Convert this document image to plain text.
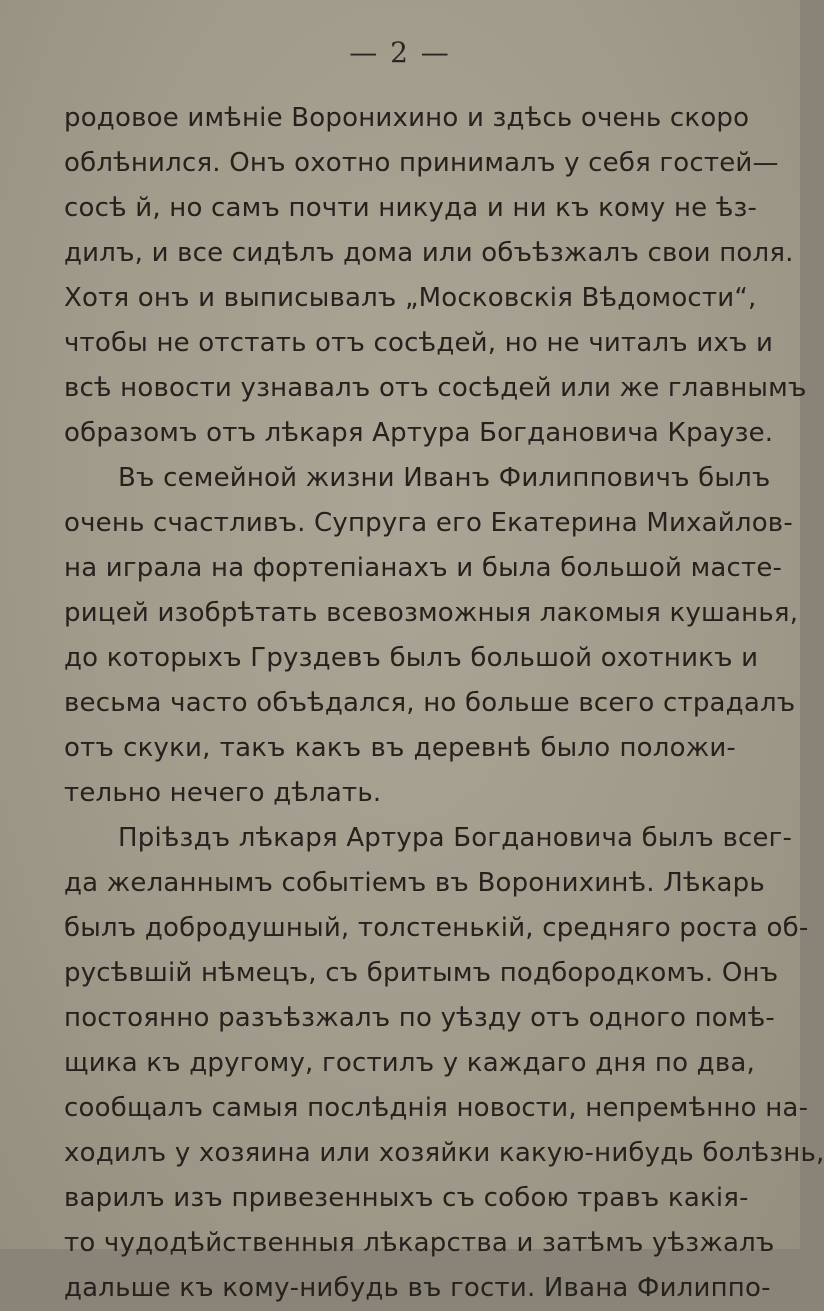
— 2 —
родовое имѣніе Воронихино и здѣсь очень скоро
облѣнился. Онъ охотно принималъ у себя гостей—
сосѣ й, но самъ почти никуда и ни къ кому не ѣз-
дилъ, и все сидѣлъ дома или объѣзжалъ свои поля.
Хотя онъ и выписывалъ „Московскія Вѣдомости“,
чтобы не отстать отъ сосѣдей, но не читалъ ихъ и
всѣ новости узнавалъ отъ сосѣдей или же главнымъ
образомъ отъ лѣкаря Артура Богдановича Краузе.
Въ семейной жизни Иванъ Филипповичъ былъ
очень счастливъ. Супруга его Екатерина Михайлов-
на играла на фортепіанахъ и была большой масте-
рицей изобрѣтать всевозможныя лакомыя кушанья,
до которыхъ Груздевъ былъ большой охотникъ и
весьма часто объѣдался, но больше всего страдалъ
отъ скуки, такъ какъ въ деревнѣ было положи-
тельно нечего дѣлать.
Пріѣздъ лѣкаря Артура Богдановича былъ всег-
да желаннымъ событіемъ въ Воронихинѣ. Лѣкарь
былъ добродушный, толстенькій, средняго роста об-
русѣвшій нѣмецъ, съ бритымъ подбородкомъ. Онъ
постоянно разъѣзжалъ по уѣзду отъ одного помѣ-
щика къ другому, гостилъ у каждаго дня по два,
сообщалъ самыя послѣднія новости, непремѣнно на-
ходилъ у хозяина или хозяйки какую-нибудь болѣзнь,
варилъ изъ привезенныхъ съ собою травъ какія-
то чудодѣйственныя лѣкарства и затѣмъ уѣзжалъ
дальше къ кому-нибудь въ гости. Ивана Филиппо-
